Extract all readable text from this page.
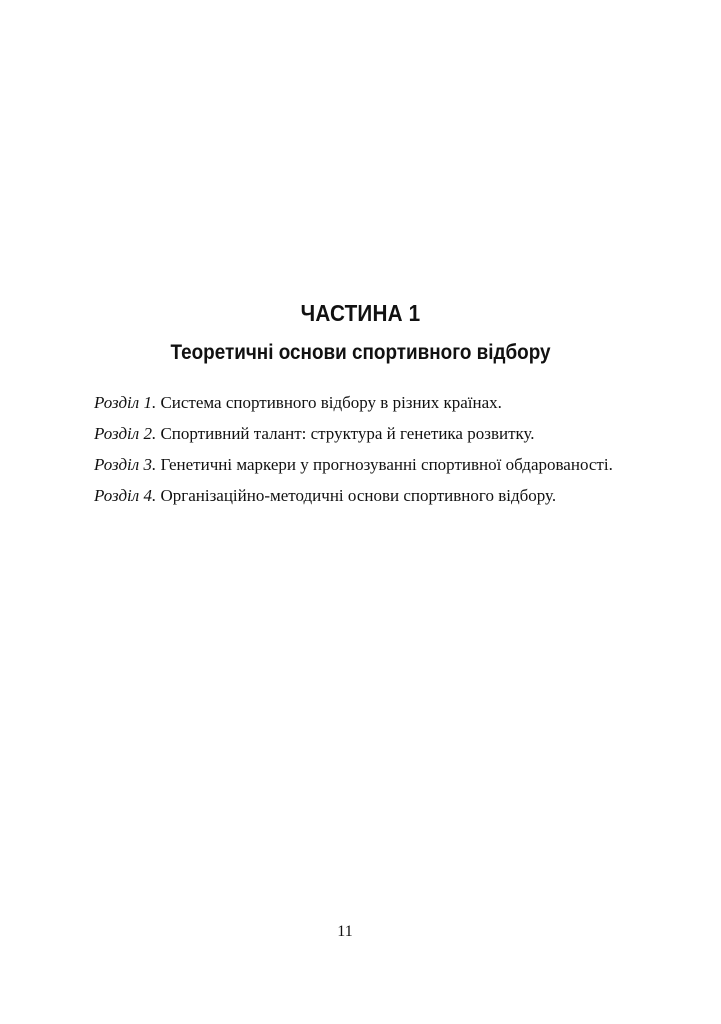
ЧАСТИНА 1
Теоретичні основи спортивного відбору

Розділ 1. Система спортивного відбору в різних країнах.

Розділ 2. Спортивний талант: структура й генетика розвитку.

Розділ 3. Генетичні маркери у прогнозуванні спортивної обдарованості.

Розділ 4. Організаційно-методичні основи спортивного відбору.

11
